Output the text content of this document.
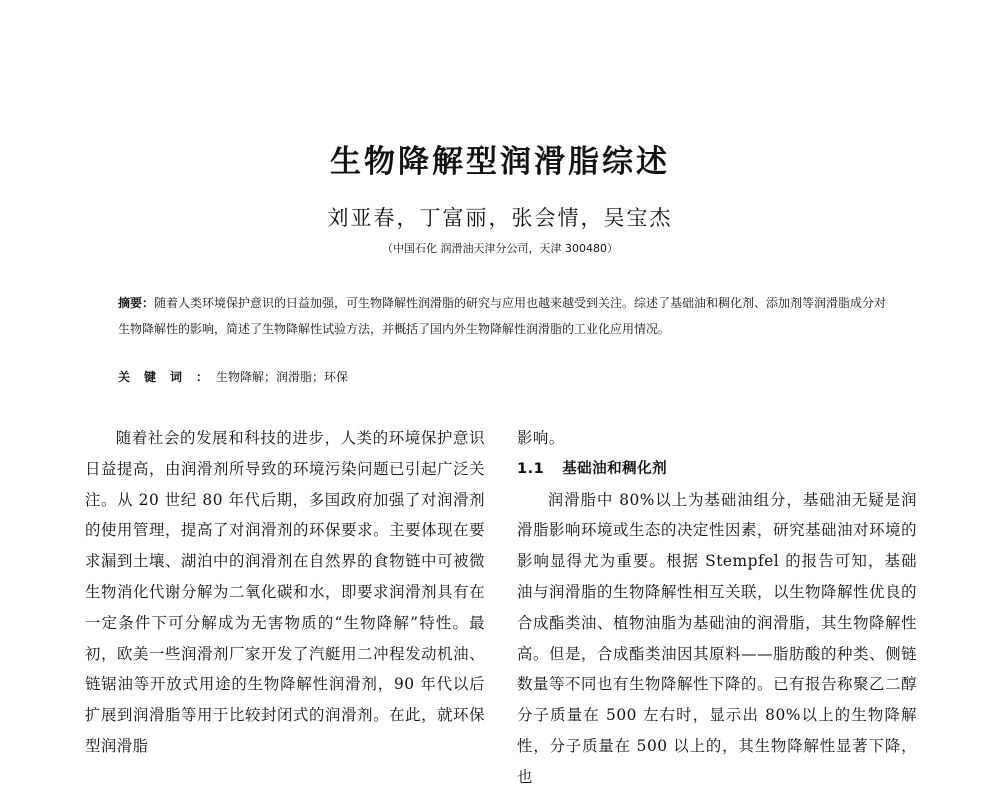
生物降解型润滑脂综述
刘亚春，丁富丽，张会情，吴宝杰
（中国石化 润滑油天津分公司，天津 300480）
摘要：随着人类环境保护意识的日益加强，可生物降解性润滑脂的研究与应用也越来越受到关注。综述了基础油和稠化剂、添加剂等润滑脂成分对生物降解性的影响，简述了生物降解性试验方法，并概括了国内外生物降解性润滑脂的工业化应用情况。
关键词：生物降解；润滑脂；环保

随着社会的发展和科技的进步，人类的环境保护意识日益提高，由润滑剂所导致的环境污染问题已引起广泛关注。从 20 世纪 80 年代后期，多国政府加强了对润滑剂的使用管理，提高了对润滑剂的环保要求。主要体现在要求漏到土壤、湖泊中的润滑剂在自然界的食物链中可被微生物消化代谢分解为二氧化碳和水，即要求润滑剂具有在一定条件下可分解成为无害物质的“生物降解”特性。最初，欧美一些润滑剂厂家开发了汽艇用二冲程发动机油、链锯油等开放式用途的生物降解性润滑剂，90 年代以后扩展到润滑脂等用于比较封闭式的润滑剂。在此，就环保型润滑脂

影响。

1.1 基础油和稠化剂

润滑脂中 80%以上为基础油组分，基础油无疑是润滑脂影响环境或生态的决定性因素，研究基础油对环境的影响显得尤为重要。根据 Stempfel 的报告可知，基础油与润滑脂的生物降解性相互关联，以生物降解性优良的合成酯类油、植物油脂为基础油的润滑脂，其生物降解性高。但是，合成酯类油因其原料——脂肪酸的种类、侧链数量等不同也有生物降解性下降的。已有报告称聚乙二醇分子质量在 500 左右时，显示出 80%以上的生物降解性，分子质量在 500 以上的，其生物降解性显著下降，也
